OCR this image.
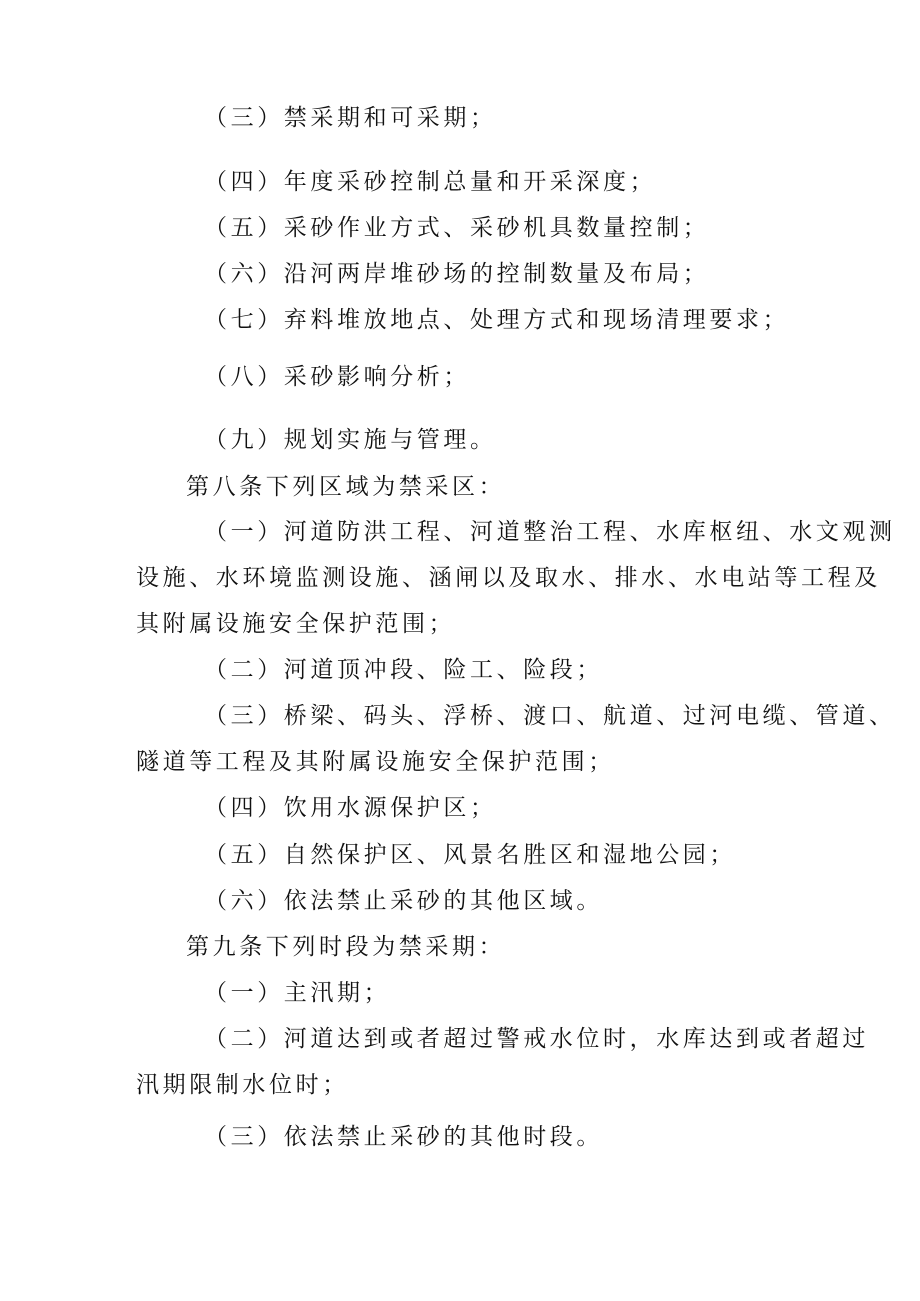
（三）禁采期和可采期；
（四）年度采砂控制总量和开采深度；
（五）采砂作业方式、采砂机具数量控制；
（六）沿河两岸堆砂场的控制数量及布局；
（七）弃料堆放地点、处理方式和现场清理要求；
（八）采砂影响分析；
（九）规划实施与管理。
第八条下列区域为禁采区：
（一）河道防洪工程、河道整治工程、水库枢纽、水文观测
设施、水环境监测设施、涵闸以及取水、排水、水电站等工程及
其附属设施安全保护范围；
（二）河道顶冲段、险工、险段；
（三）桥梁、码头、浮桥、渡口、航道、过河电缆、管道、
隧道等工程及其附属设施安全保护范围；
（四）饮用水源保护区；
（五）自然保护区、风景名胜区和湿地公园；
（六）依法禁止采砂的其他区域。
第九条下列时段为禁采期：
（一）主汛期；
（二）河道达到或者超过警戒水位时，水库达到或者超过
汛期限制水位时；
（三）依法禁止采砂的其他时段。
